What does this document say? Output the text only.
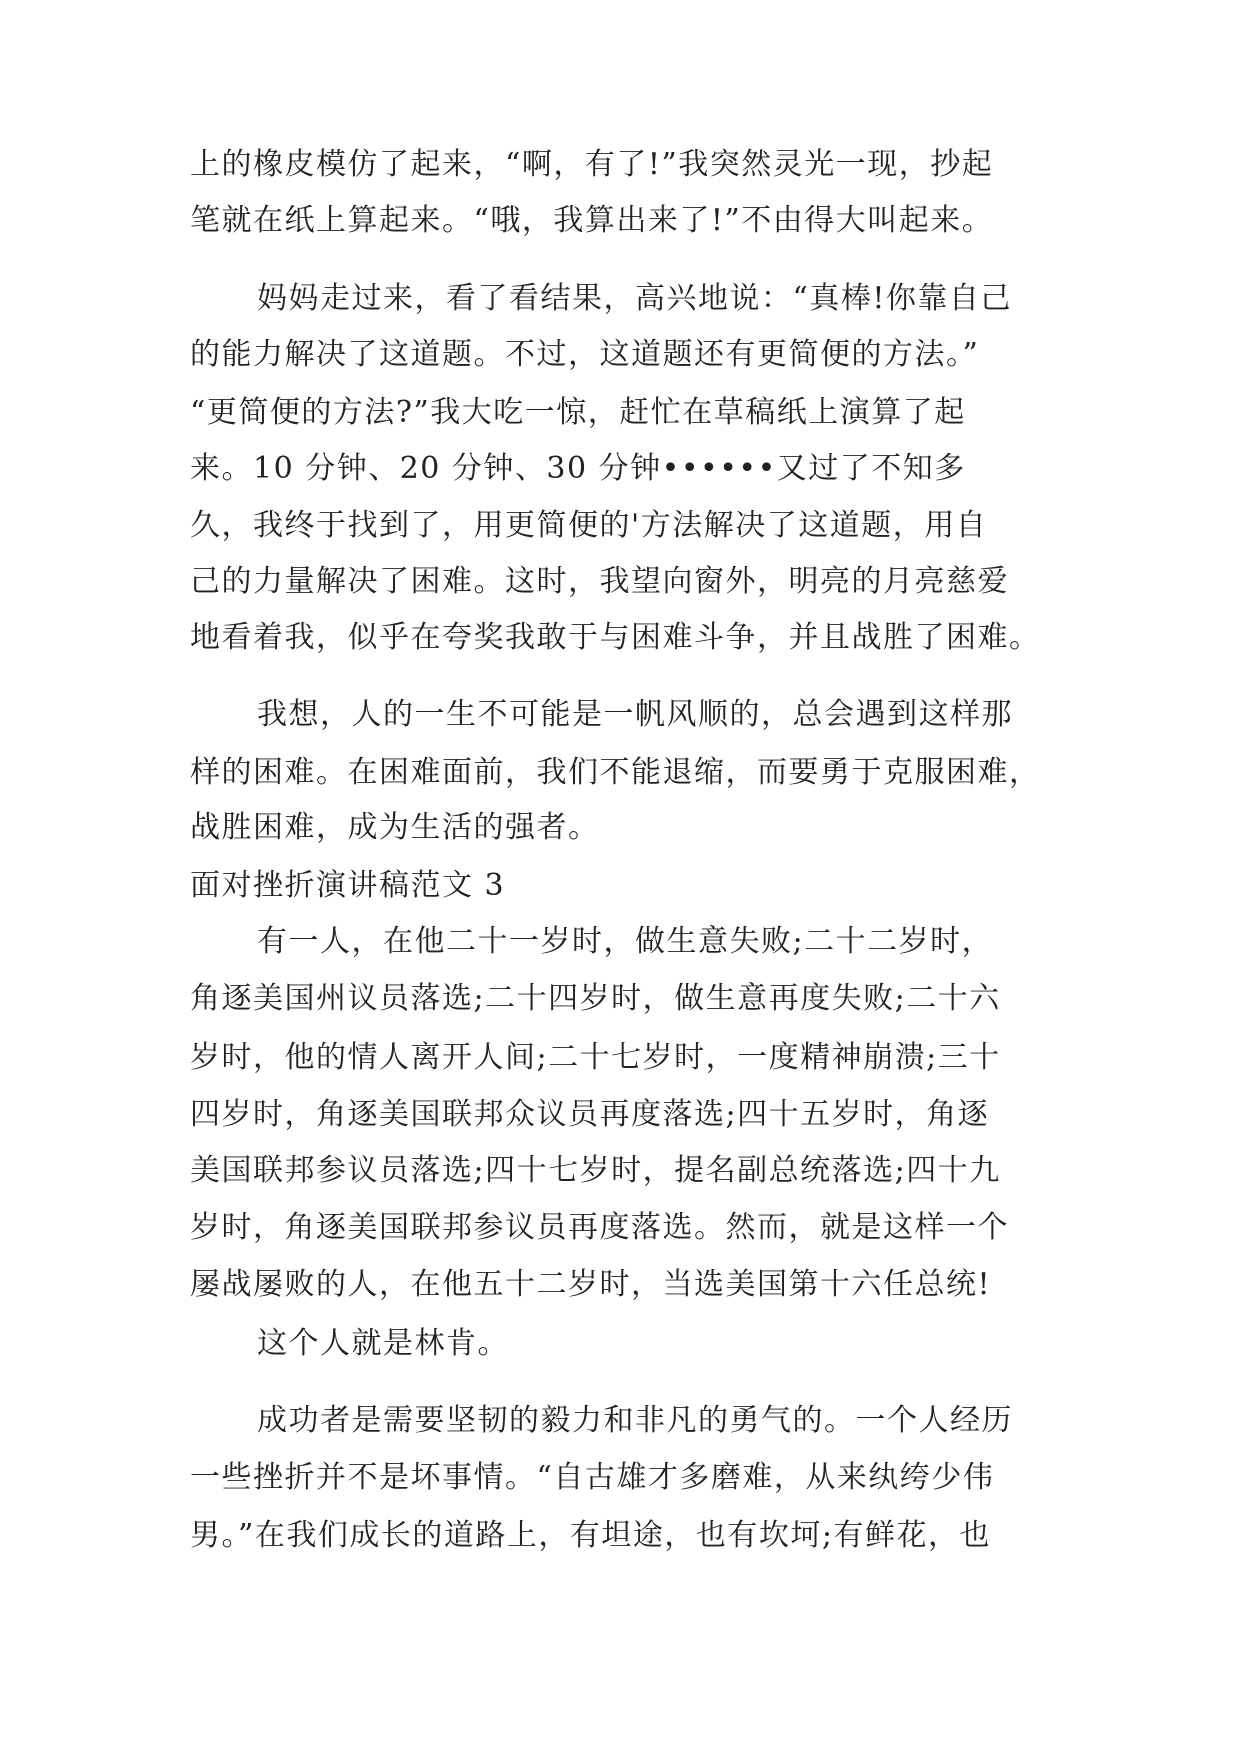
上的橡皮模仿了起来，“啊，有了!”我突然灵光一现，抄起
笔就在纸上算起来。“哦，我算出来了!”不由得大叫起来。
妈妈走过来，看了看结果，高兴地说：“真棒!你靠自己
的能力解决了这道题。不过，这道题还有更简便的方法。”
“更简便的方法?”我大吃一惊，赶忙在草稿纸上演算了起
来。10 分钟、20 分钟、30 分钟••••••又过了不知多
久，我终于找到了，用更简便的'方法解决了这道题，用自
己的力量解决了困难。这时，我望向窗外，明亮的月亮慈爱
地看着我，似乎在夸奖我敢于与困难斗争，并且战胜了困难。
我想，人的一生不可能是一帆风顺的，总会遇到这样那
样的困难。在困难面前，我们不能退缩，而要勇于克服困难，
战胜困难，成为生活的强者。
面对挫折演讲稿范文 3
有一人，在他二十一岁时，做生意失败;二十二岁时，
角逐美国州议员落选;二十四岁时，做生意再度失败;二十六
岁时，他的情人离开人间;二十七岁时，一度精神崩溃;三十
四岁时，角逐美国联邦众议员再度落选;四十五岁时，角逐
美国联邦参议员落选;四十七岁时，提名副总统落选;四十九
岁时，角逐美国联邦参议员再度落选。然而，就是这样一个
屡战屡败的人，在他五十二岁时，当选美国第十六任总统!
这个人就是林肯。
成功者是需要坚韧的毅力和非凡的勇气的。一个人经历
一些挫折并不是坏事情。“自古雄才多磨难，从来纨绔少伟
男。”在我们成长的道路上，有坦途，也有坎坷;有鲜花，也
